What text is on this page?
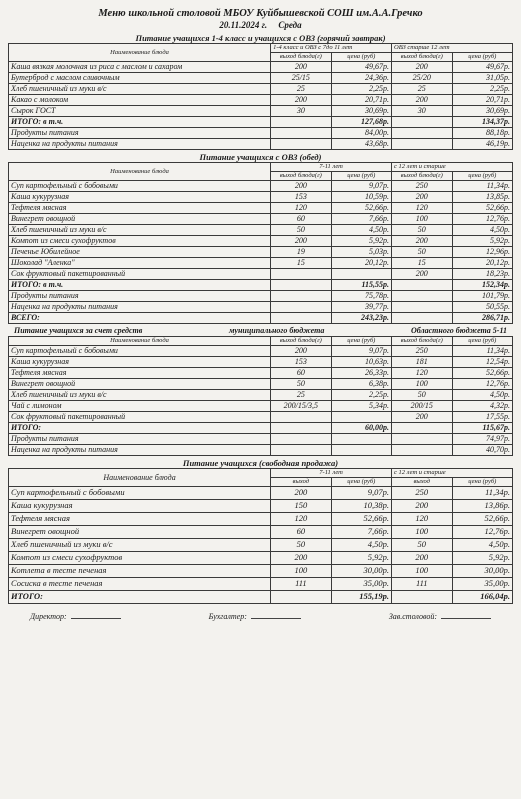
Меню школьной столовой МБОУ Куйбышевской СОШ им.А.А.Гречко
20.11.2024 г. Среда
Питание учащихся 1-4 класс и учащихся с ОВЗ (горячий завтрак)
Наименование блюда	1-4 класс и ОВЗ с 7до 11 лет		ОВЗ старше 12 лет	
	выход блюда(г)	цена (руб)	выход блюда(г)	цена (руб)
Каша вязкая молочная из риса с маслом и сахаром	200	49,67р.	200	49,67р.
Бутерброд с маслом сливочным	25/15	24,36р.	25/20	31,05р.
Хлеб пшеничный из муки в/с	25	2,25р.	25	2,25р.
Какао с молоком	200	20,71р.	200	20,71р.
Сырок ГОСТ	30	30,69р.	30	30,69р.
ИТОГО: в т.ч.		127,68р.		134,37р.
Продукты питания		84,00р.		88,18р.
Наценка на продукты питания		43,68р.		46,19р.
Питание учащихся с ОВЗ (обед)
Наименование блюда	7-11 лет		с 12 лет и старше	
	выход блюда(г)	цена (руб)	выход блюда(г)	цена (руб)
Суп картофельный с бобовыми	200	9,07р.	250	11,34р.
Каша кукурузная	153	10,59р.	200	13,85р.
Тефтеля мясная	120	52,66р.	120	52,66р.
Винегрет овощной	60	7,66р.	100	12,76р.
Хлеб пшеничный из муки в/с	50	4,50р.	50	4,50р.
Компот из смеси сухофруктов	200	5,92р.	200	5,92р.
Печенье Юбилейное	19	5,03р.	50	12,96р.
Шоколад "Аленка"	15	20,12р.	15	20,12р.
Сок фруктовый пакетированный			200	18,23р.
ИТОГО: в т.ч.		115,55р.		152,34р.
Продукты питания		75,78р.		101,79р.
Наценка на продукты питания		39,77р.		50,55р.
ВСЕГО:		243,23р.		286,71р.
Питание учащихся за счет средств	муниципального бюджета	Областного бюджета 5-11
Наименование блюда	выход блюда(г)	цена (руб)	выход блюда(г)	цена (руб)
Суп картофельный с бобовыми	200	9,07р.	250	11,34р.
Каша кукурузная	153	10,63р.	181	12,54р.
Тефтеля мясная	60	26,33р.	120	52,66р.
Винегрет овощной	50	6,38р.	100	12,76р.
Хлеб пшеничный из муки в/с	25	2,25р.	50	4,50р.
Чай с лимоном	200/15/3,5	5,34р.	200/15	4,32р.
Сок фруктовый пакетированный			200	17,55р.
ИТОГО:		60,00р.		115,67р.
Продукты питания				74,97р.
Наценка на продукты питания				40,70р.
Питание учащихся (свободная продажа)
Наименование блюда	7-11 лет		с 12 лет и старше	
	выход	цена (руб)	выход	цена (руб)
Суп картофельный с бобовыми	200	9,07р.	250	11,34р.
Каша кукурузная	150	10,38р.	200	13,86р.
Тефтеля мясная	120	52,66р.	120	52,66р.
Винегрет овощной	60	7,66р.	100	12,76р.
Хлеб пшеничный из муки в/с	50	4,50р.	50	4,50р.
Компот из смеси сухофруктов	200	5,92р.	200	5,92р.
Котлета в тесте печеная	100	30,00р.	100	30,00р.
Сосиска в тесте печеная	111	35,00р.	111	35,00р.
ИТОГО:		155,19р.		166,04р.
Директор:	Бухгалтер:	Зав.столовой:
